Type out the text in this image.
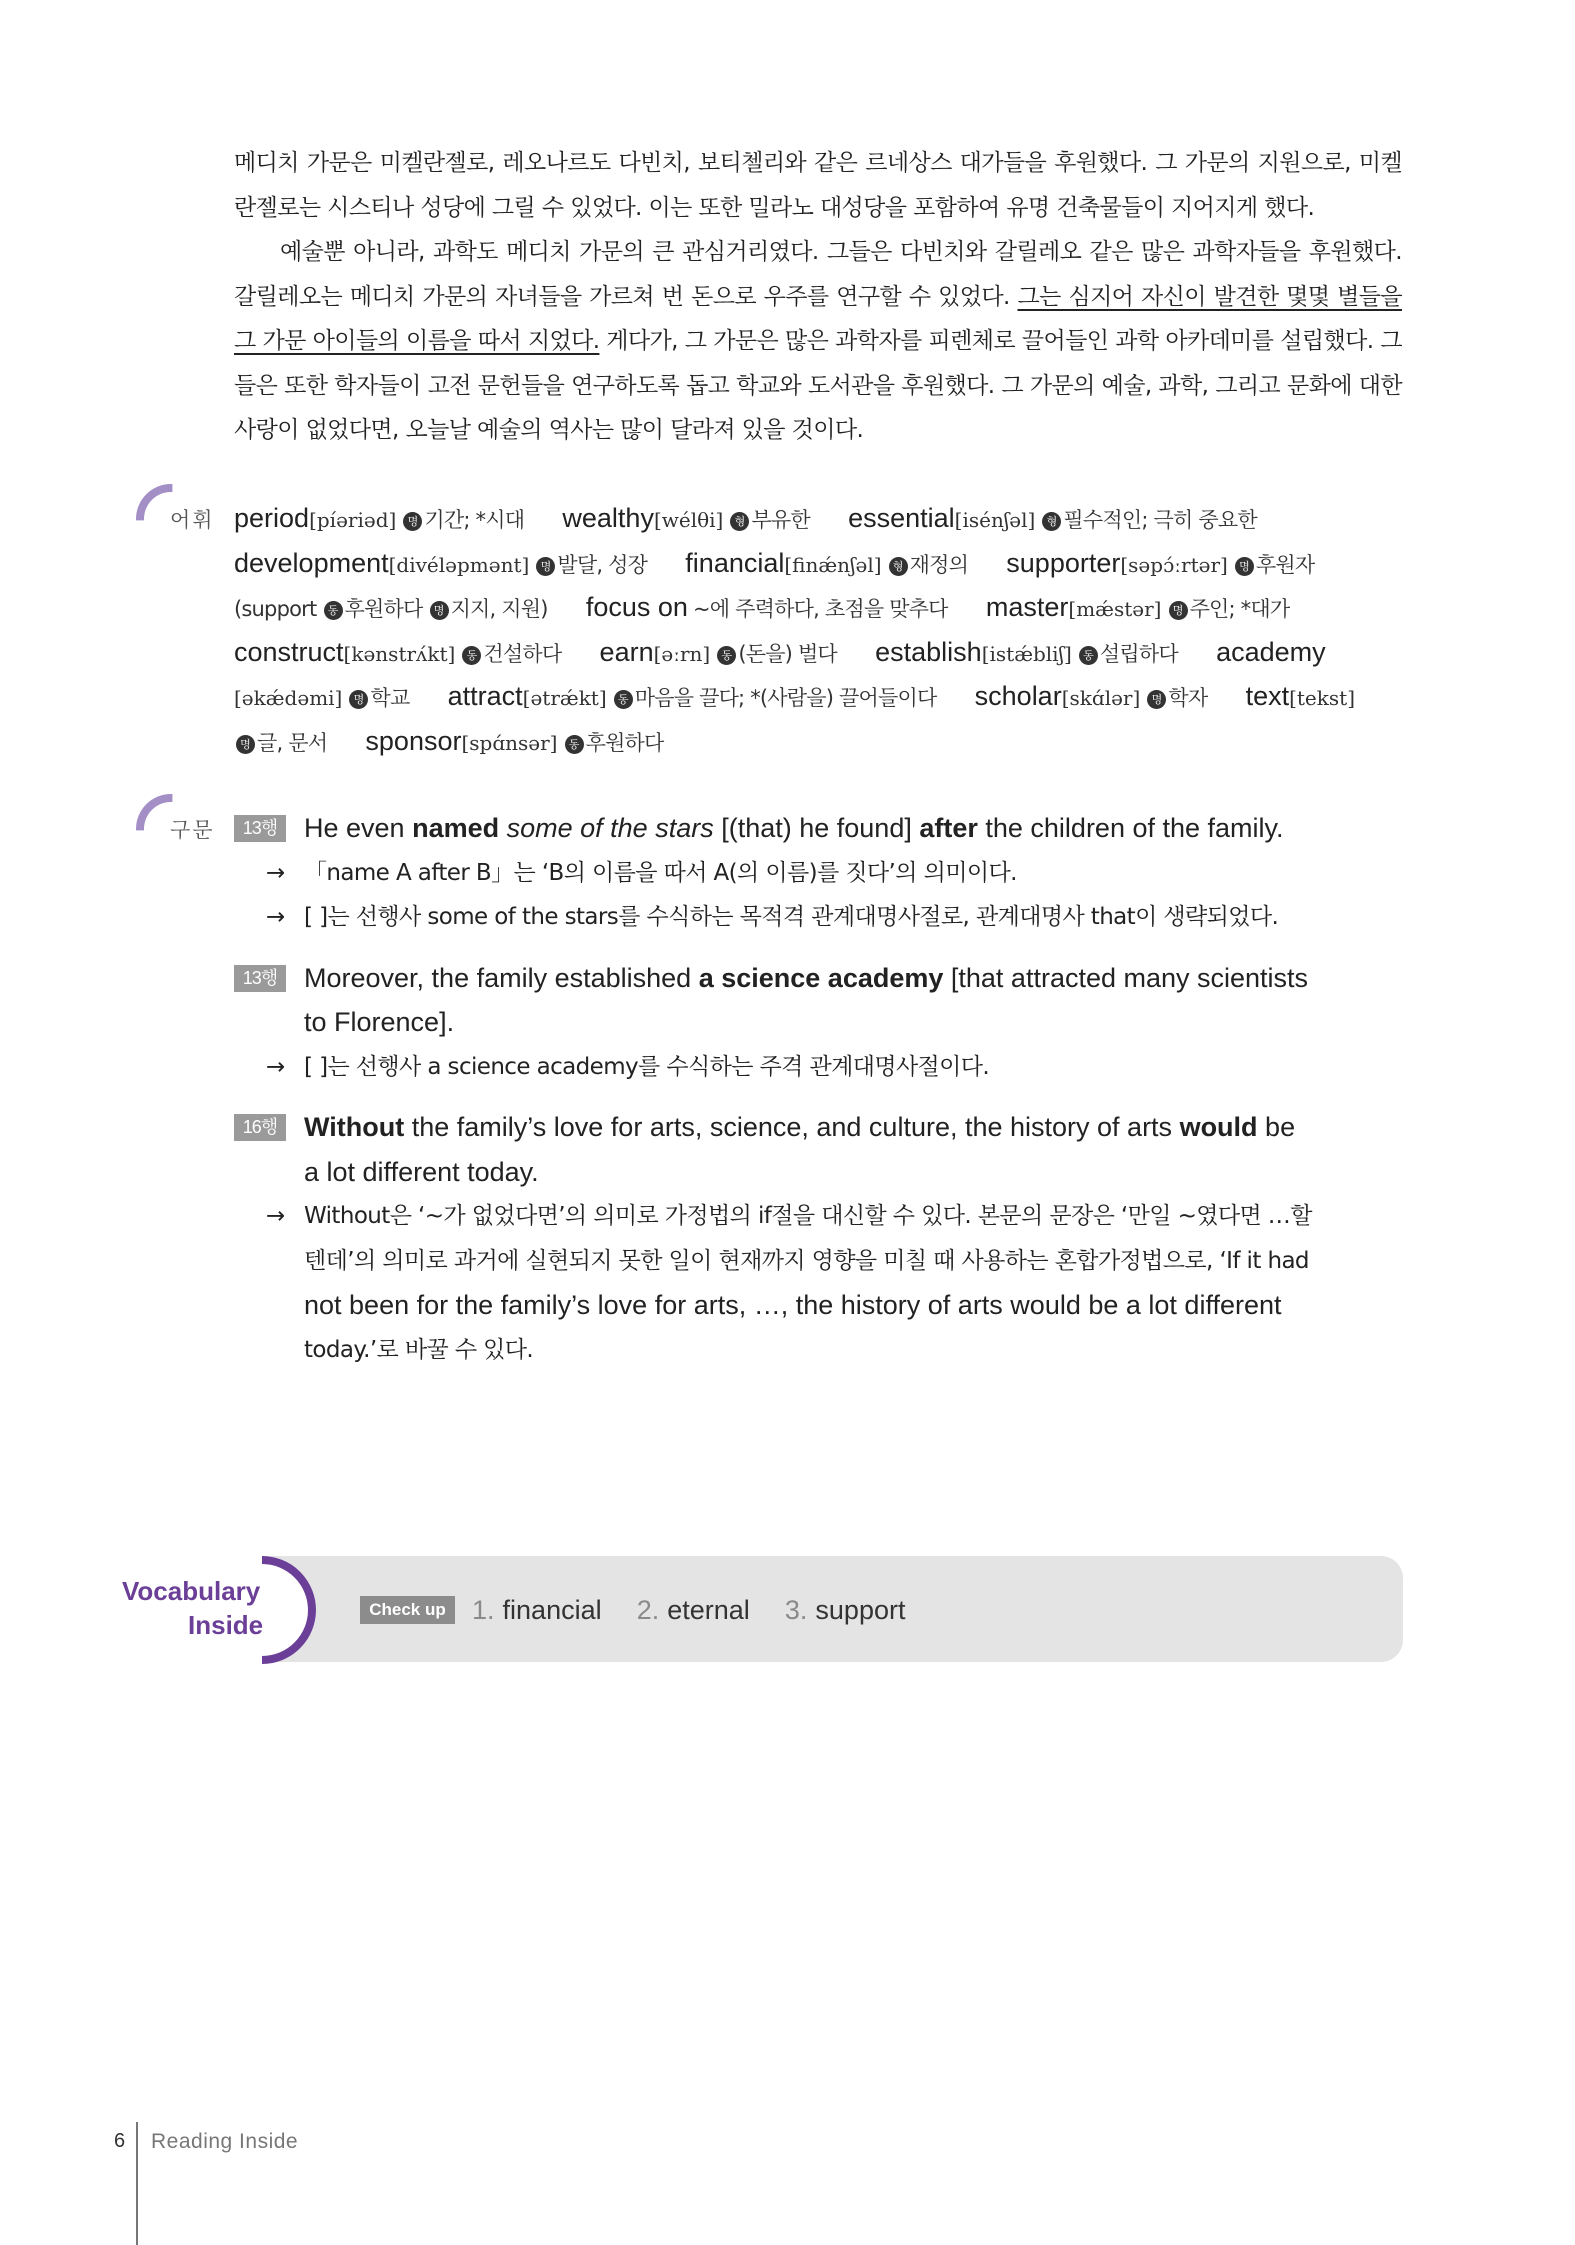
메디치 가문은 미켈란젤로, 레오나르도 다빈치, 보티첼리와 같은 르네상스 대가들을 후원했다. 그 가문의 지원으로, 미켈란젤로는 시스티나 성당에 그릴 수 있었다. 이는 또한 밀라노 대성당을 포함하여 유명 건축물들이 지어지게 했다.

예술뿐 아니라, 과학도 메디치 가문의 큰 관심거리였다. 그들은 다빈치와 갈릴레오 같은 많은 과학자들을 후원했다. 갈릴레오는 메디치 가문의 자녀들을 가르쳐 번 돈으로 우주를 연구할 수 있었다. 그는 심지어 자신이 발견한 몇몇 별들을 그 가문 아이들의 이름을 따서 지었다. 게다가, 그 가문은 많은 과학자를 피렌체로 끌어들인 과학 아카데미를 설립했다. 그들은 또한 학자들이 고전 문헌들을 연구하도록 돕고 학교와 도서관을 후원했다. 그 가문의 예술, 과학, 그리고 문화에 대한 사랑이 없었다면, 오늘날 예술의 역사는 많이 달라져 있을 것이다.

어휘 period[píəriəd] 명 기간; *시대 wealthy[wélθi] 형 부유한 essential[isénʃəl] 형 필수적인; 극히 중요한
development[divéləpmənt] 명 발달, 성장 financial[finǽnʃəl] 형 재정의 supporter[səpɔ́ːrtər] 명 후원자
(support 동 후원하다 명 지지, 지원) focus on ~에 주력하다, 초점을 맞추다 master[mǽstər] 명 주인; *대가
construct[kənstrʌ́kt] 동 건설하다 earn[əːrn] 동 (돈을) 벌다 establish[istǽbliʃ] 동 설립하다 academy
[əkǽdəmi] 명 학교 attract[ətrǽkt] 동 마음을 끌다; *(사람을) 끌어들이다 scholar[skɑ́lər] 명 학자 text[tekst]
명 글, 문서 sponsor[spɑ́nsər] 동 후원하다
구문	13행 He even named some of the stars [(that) he found] after the children of the family.
→ 「name A after B」는 ‘B의 이름을 따서 A(의 이름)를 짓다’의 의미이다.
→ [ ]는 선행사 some of the stars를 수식하는 목적격 관계대명사절로, 관계대명사 that이 생략되었다.
13행 Moreover, the family established a science academy [that attracted many scientists
to Florence].
→ [ ]는 선행사 a science academy를 수식하는 주격 관계대명사절이다.
16행 Without the family’s love for arts, science, and culture, the history of arts would be
a lot different today.
→ Without은 ‘~가 없었다면’의 의미로 가정법의 if절을 대신할 수 있다. 본문의 문장은 ‘만일 ~였다면 …할
텐데’의 의미로 과거에 실현되지 못한 일이 현재까지 영향을 미칠 때 사용하는 혼합가정법으로, ‘If it had
not been for the family’s love for arts, …, the history of arts would be a lot different
today.’로 바꿀 수 있다.
Vocabulary
Inside
Check up 1. financial 2. eternal 3. support
6 Reading Inside
